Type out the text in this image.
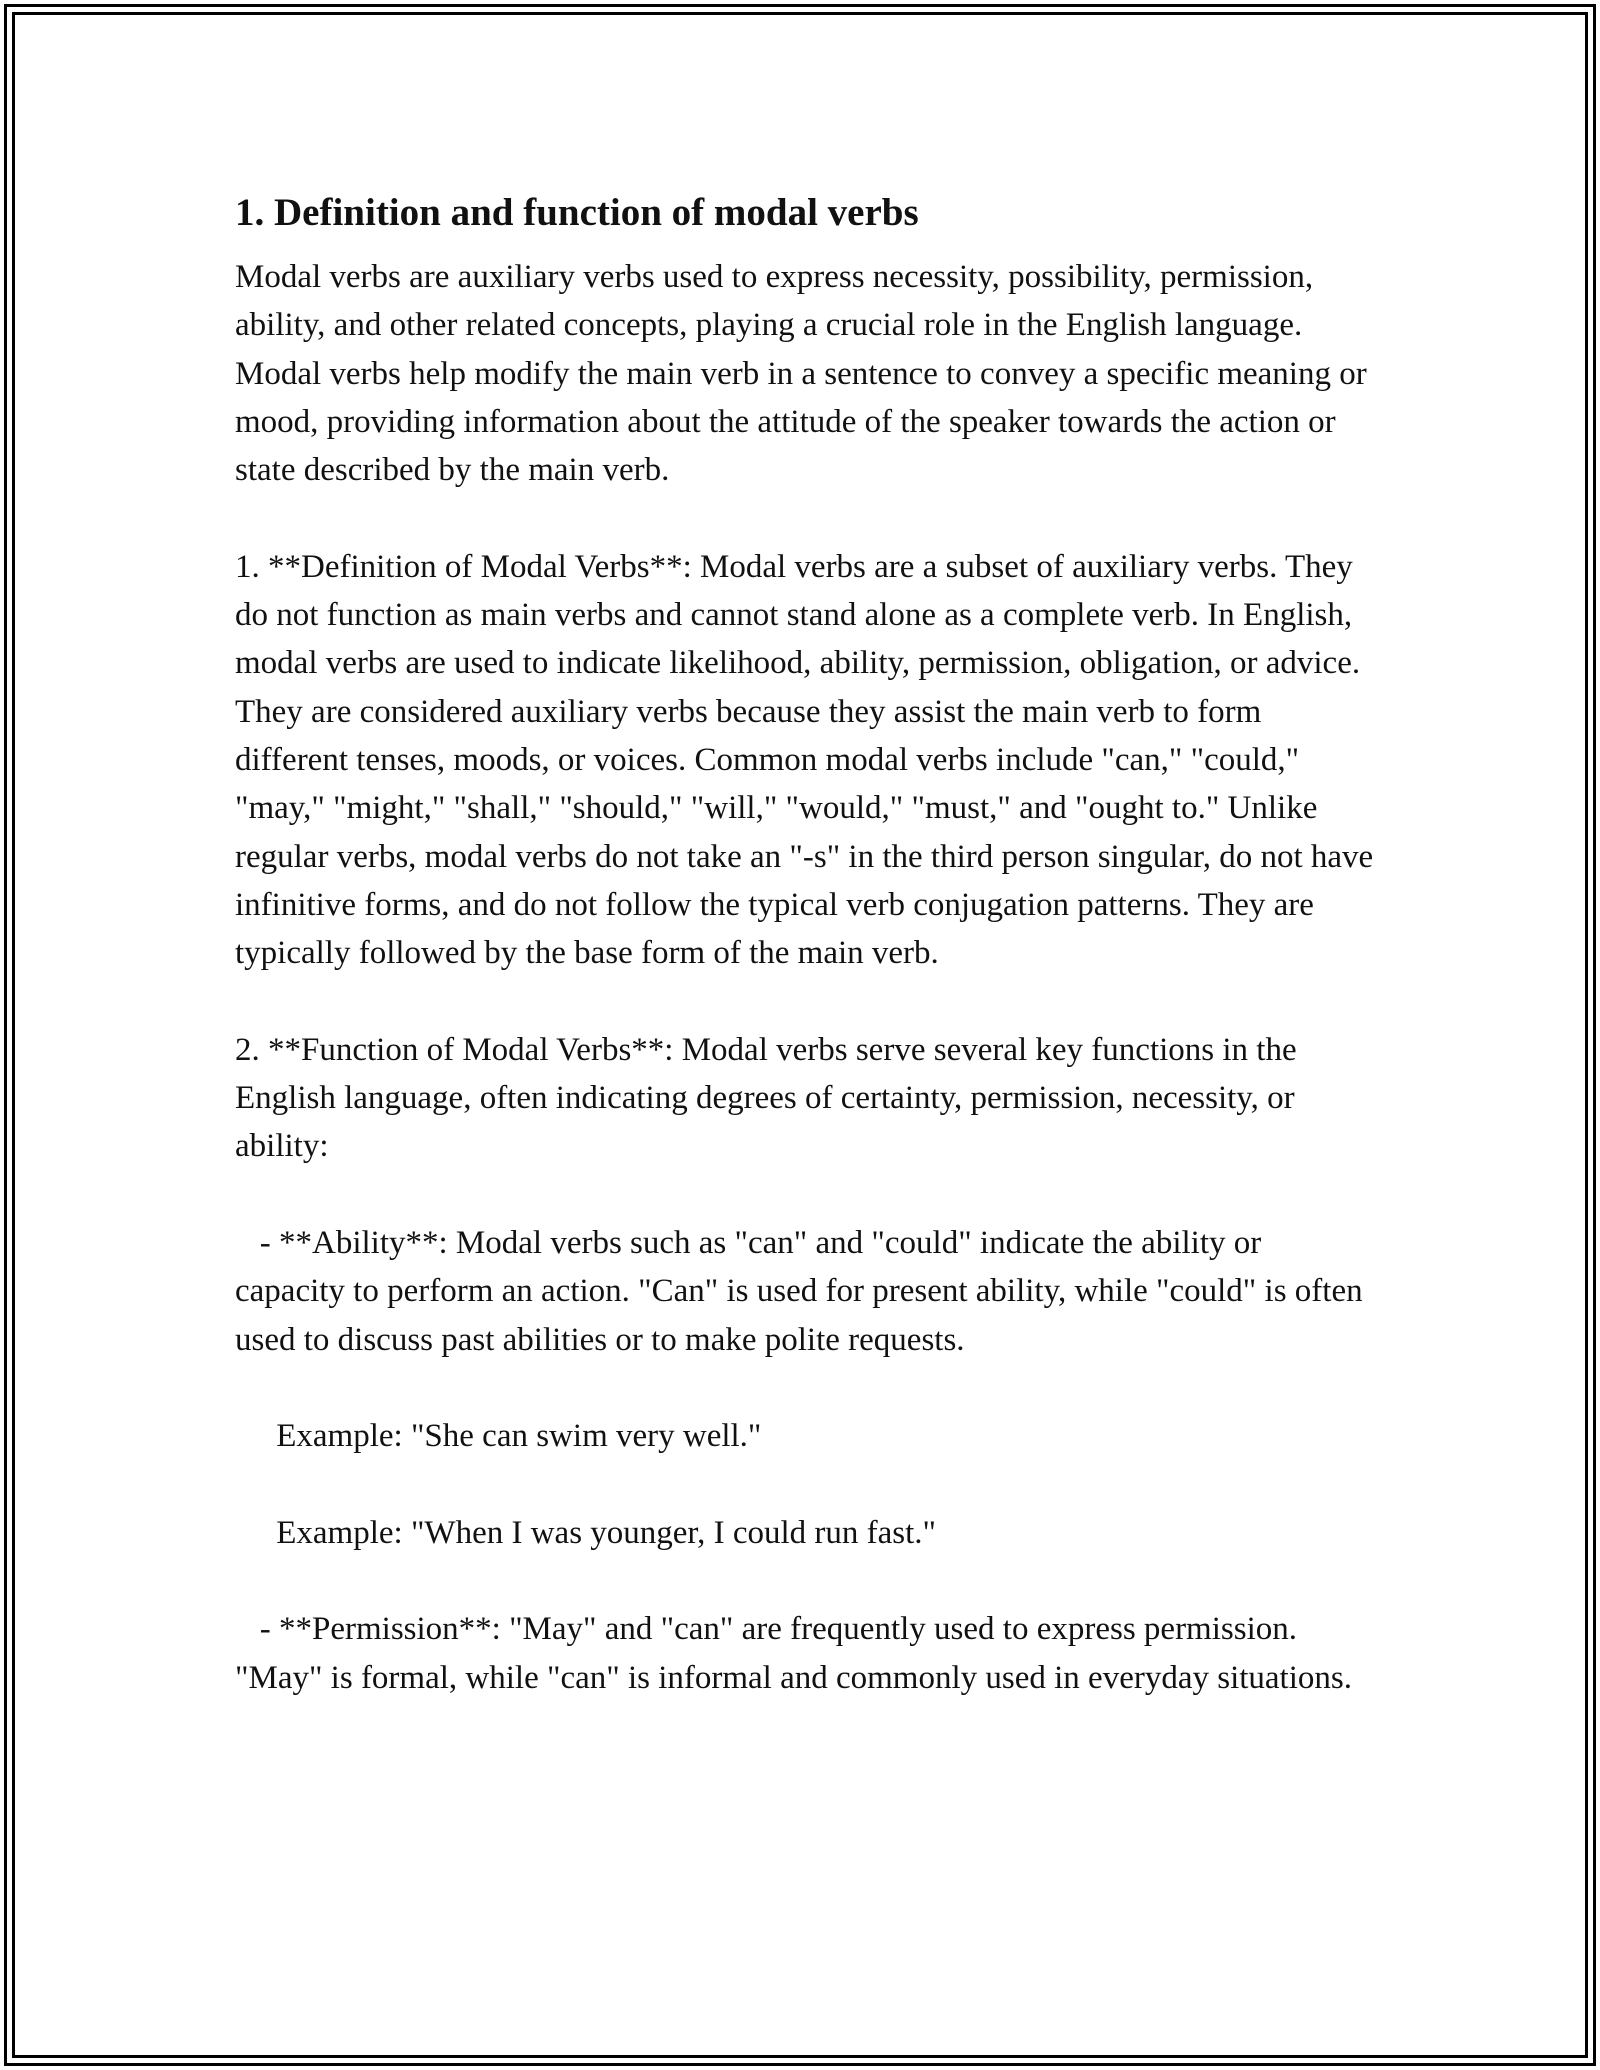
1. Definition and function of modal verbs

Modal verbs are auxiliary verbs used to express necessity, possibility, permission, ability, and other related concepts, playing a crucial role in the English language. Modal verbs help modify the main verb in a sentence to convey a specific meaning or mood, providing information about the attitude of the speaker towards the action or state described by the main verb.

1. **Definition of Modal Verbs**: Modal verbs are a subset of auxiliary verbs. They do not function as main verbs and cannot stand alone as a complete verb. In English, modal verbs are used to indicate likelihood, ability, permission, obligation, or advice. They are considered auxiliary verbs because they assist the main verb to form different tenses, moods, or voices. Common modal verbs include "can," "could," "may," "might," "shall," "should," "will," "would," "must," and "ought to." Unlike regular verbs, modal verbs do not take an "-s" in the third person singular, do not have infinitive forms, and do not follow the typical verb conjugation patterns. They are typically followed by the base form of the main verb.

2. **Function of Modal Verbs**: Modal verbs serve several key functions in the English language, often indicating degrees of certainty, permission, necessity, or ability:

- **Ability**: Modal verbs such as "can" and "could" indicate the ability or capacity to perform an action. "Can" is used for present ability, while "could" is often used to discuss past abilities or to make polite requests.

Example: "She can swim very well."

Example: "When I was younger, I could run fast."

- **Permission**: "May" and "can" are frequently used to express permission. "May" is formal, while "can" is informal and commonly used in everyday situations.
